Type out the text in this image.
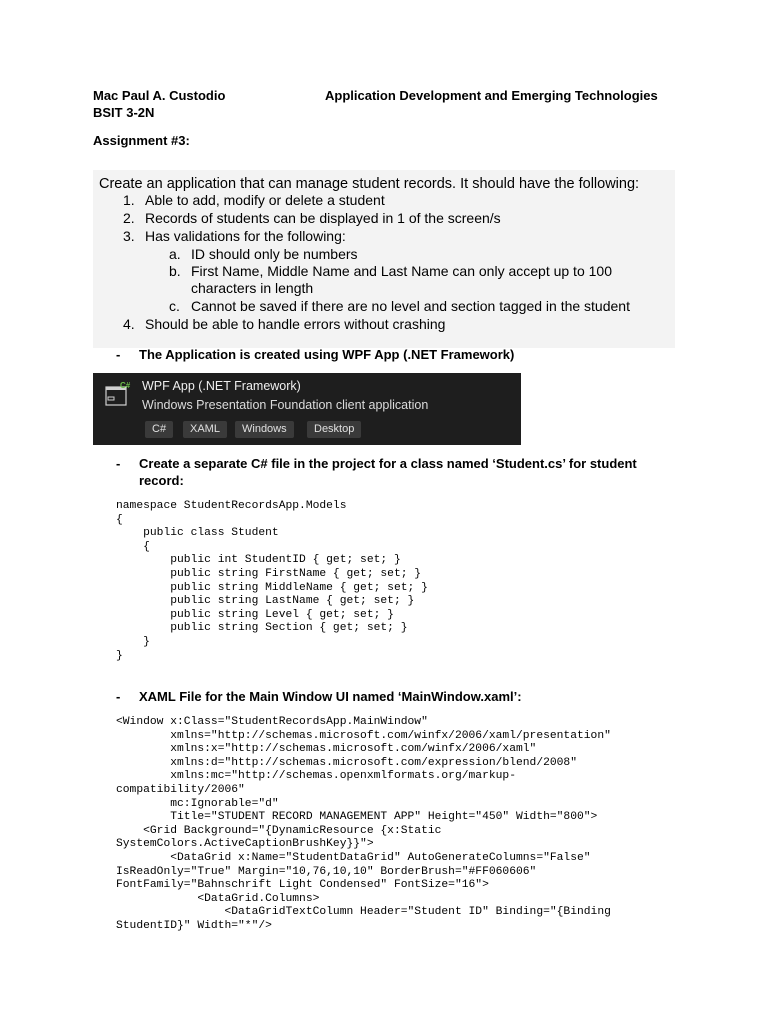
Mac Paul A. Custodio	Application Development and Emerging Technologies
BSIT 3-2N
Assignment #3:
Create an application that can manage student records. It should have the following:
1. Able to add, modify or delete a student
2. Records of students can be displayed in 1 of the screen/s
3. Has validations for the following:
a. ID should only be numbers
b. First Name, Middle Name and Last Name can only accept up to 100
characters in length
c. Cannot be saved if there are no level and section tagged in the student
4. Should be able to handle errors without crashing
- The Application is created using WPF App (.NET Framework)
C# WPF App (.NET Framework)
Windows Presentation Foundation client application
C#	XAML	Windows	Desktop
- Create a separate C# file in the project for a class named ‘Student.cs’ for student
record:
namespace StudentRecordsApp.Models
{
public class Student
{
public int StudentID { get; set; }
public string FirstName { get; set; }
public string MiddleName { get; set; }
public string LastName { get; set; }
public string Level { get; set; }
public string Section { get; set; }
}
}
- XAML File for the Main Window UI named ‘MainWindow.xaml’:
<Window x:Class="StudentRecordsApp.MainWindow"
xmlns="http://schemas.microsoft.com/winfx/2006/xaml/presentation"
xmlns:x="http://schemas.microsoft.com/winfx/2006/xaml"
xmlns:d="http://schemas.microsoft.com/expression/blend/2008"
xmlns:mc="http://schemas.openxmlformats.org/markup-
compatibility/2006"
mc:Ignorable="d"
Title="STUDENT RECORD MANAGEMENT APP" Height="450" Width="800">
<Grid Background="{DynamicResource {x:Static
SystemColors.ActiveCaptionBrushKey}}">
<DataGrid x:Name="StudentDataGrid" AutoGenerateColumns="False"
IsReadOnly="True" Margin="10,76,10,10" BorderBrush="#FF060606"
FontFamily="Bahnschrift Light Condensed" FontSize="16">
<DataGrid.Columns>
<DataGridTextColumn Header="Student ID" Binding="{Binding
StudentID}" Width="*"/>
